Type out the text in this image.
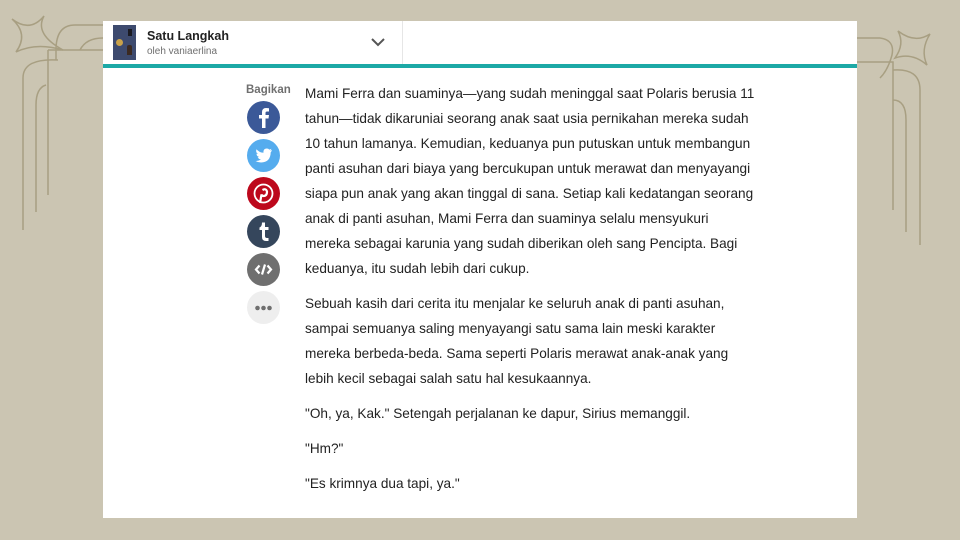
Satu Langkah
oleh vaniaerlina
Bagikan Mami Ferra dan suaminya—yang sudah meninggal saat Polaris berusia 11 tahun—tidak dikaruniai seorang anak saat usia pernikahan mereka sudah 10 tahun lamanya. Kemudian, keduanya pun putuskan untuk membangun panti asuhan dari biaya yang bercukupan untuk merawat dan menyayangi siapa pun anak yang akan tinggal di sana. Setiap kali kedatangan seorang anak di panti asuhan, Mami Ferra dan suaminya selalu mensyukuri mereka sebagai karunia yang sudah diberikan oleh sang Pencipta. Bagi keduanya, itu sudah lebih dari cukup.

Sebuah kasih dari cerita itu menjalar ke seluruh anak di panti asuhan, sampai semuanya saling menyayangi satu sama lain meski karakter mereka berbeda-beda. Sama seperti Polaris merawat anak-anak yang lebih kecil sebagai salah satu hal kesukaannya.

"Oh, ya, Kak." Setengah perjalanan ke dapur, Sirius memanggil.

"Hm?"

"Es krimnya dua tapi, ya."
